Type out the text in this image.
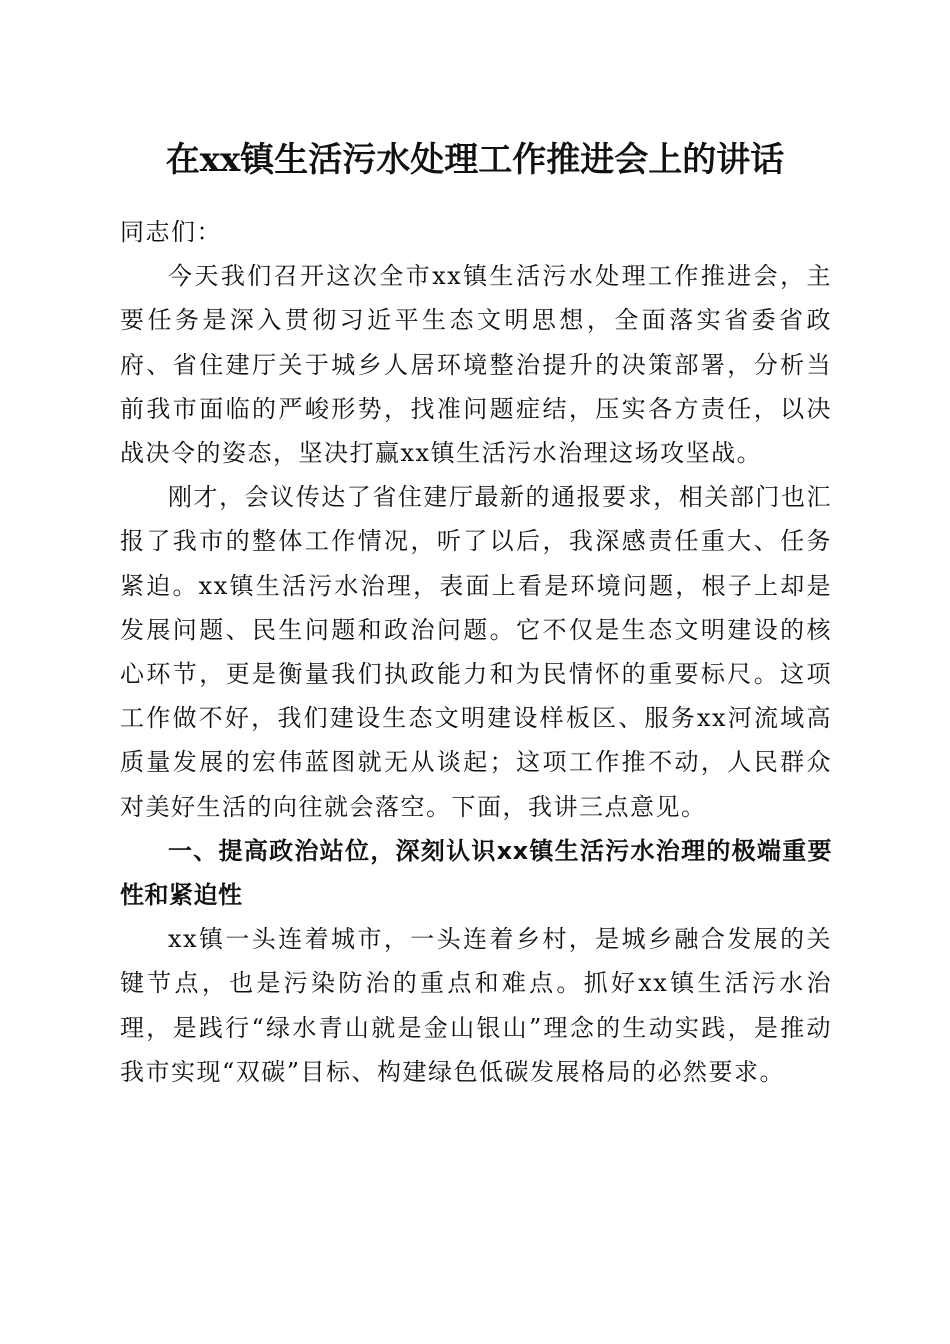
在xx镇生活污水处理工作推进会上的讲话

同志们：

今天我们召开这次全市xx镇生活污水处理工作推进会，主要任务是深入贯彻习近平生态文明思想，全面落实省委省政府、省住建厅关于城乡人居环境整治提升的决策部署，分析当前我市面临的严峻形势，找准问题症结，压实各方责任，以决战决令的姿态，坚决打赢xx镇生活污水治理这场攻坚战。

刚才，会议传达了省住建厅最新的通报要求，相关部门也汇报了我市的整体工作情况，听了以后，我深感责任重大、任务紧迫。xx镇生活污水治理，表面上看是环境问题，根子上却是发展问题、民生问题和政治问题。它不仅是生态文明建设的核心环节，更是衡量我们执政能力和为民情怀的重要标尺。这项工作做不好，我们建设生态文明建设样板区、服务xx河流域高质量发展的宏伟蓝图就无从谈起；这项工作推不动，人民群众对美好生活的向往就会落空。下面，我讲三点意见。

一、提高政治站位，深刻认识xx镇生活污水治理的极端重要性和紧迫性

xx镇一头连着城市，一头连着乡村，是城乡融合发展的关键节点，也是污染防治的重点和难点。抓好xx镇生活污水治理，是践行“绿水青山就是金山银山”理念的生动实践，是推动我市实现“双碳”目标、构建绿色低碳发展格局的必然要求。
